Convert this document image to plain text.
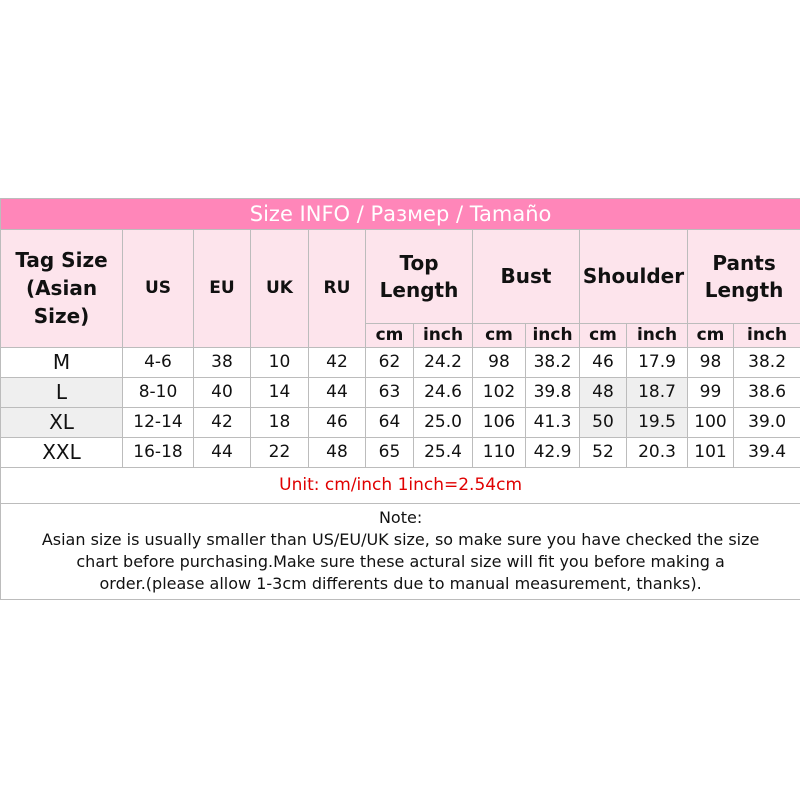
Size INFO / Размер / Tamaño												

Tag Size
(Asian
Size)	US	EU	UK	RU	Top
Length		Bust		Shoulder		Pants
Length	

					cm	inch	cm	inch	cm	inch	cm	inch
M	4-6	38	10	42	62	24.2	98	38.2	46	17.9	98	38.2
L	8-10	40	14	44	63	24.6	102	39.8	48	18.7	99	38.6
XL	12-14	42	18	46	64	25.0	106	41.3	50	19.5	100	39.0
XXL	16-18	44	22	48	65	25.4	110	42.9	52	20.3	101	39.4
Unit: cm/inch 1inch=2.54cm												

Note:
Asian size is usually smaller than US/EU/UK size, so make sure you have checked the size
chart before purchasing.Make sure these actural size will fit you before making a
order.(please allow 1-3cm differents due to manual measurement, thanks).												
